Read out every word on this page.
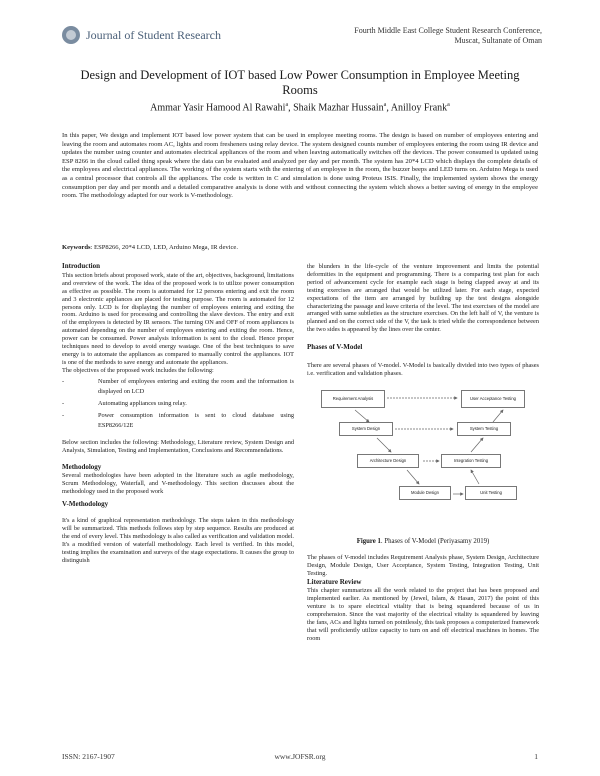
Journal of Student Research	Fourth Middle East College Student Research Conference,
Muscat, Sultanate of Oman
Design and Development of IOT based Low Power Consumption in Employee Meeting Rooms
Ammar Yasir Hamood Al Rawahi$^a$, Shaik Mazhar Hussain$^a$, Anilloy Frank$^a$
In this paper, We design and implement IOT based low power system that can be used in employee meeting rooms. The design is based on number of employees entering and leaving the room and automates room AC, lights and room fresheners using relay device. The system designed counts number of employees entering the room using IR device and updates the number using counter and automates electrical appliances of the room and when leaving automatically switches off the devices. The power consumed is updated using ESP 8266 in the cloud called thing speak where the data can be evaluated and analyzed per day and per month. The system has 20*4 LCD which displays the complete details of the employees and electrical appliances. The working of the system starts with the entering of an employee in the room, the buzzer beeps and LED turns on. Arduino Mega is used as a central processor that controls all the appliances. The code is written in C and simulation is done using Proteus ISIS. Finally, the implemented system shows the energy consumption per day and per month and a detailed comparative analysis is done with and without connecting the system which shows a better saving of energy in the employee room. The methodology adapted for our work is V-methodology.
Keywords: ESP8266, 20*4 LCD, LED, Arduino Mega, IR device.
Introduction

This section briefs about proposed work, state of the art, objectives, background, limitations and overview of the work. The idea of the proposed work is to utilize power consumption as effective as possible. The room is automated for 12 persons entering and exit the room and 3 electronic appliances are placed for testing purpose. The room is automated for 12 persons only. LCD is for displaying the number of employees entering and exiting the room. Arduino is used for processing and controlling the slave devices. The entry and exit of the employees is detected by IR sensors. The turning ON and OFF of room appliances is automated depending on the number of employees entering and exiting the room. Hence, power can be consumed. Power analysis information is sent to the cloud. Hence proper techniques need to develop to avoid energy wastage. One of the best techniques to save energy is to automate the appliances as compared to manually control the appliances. IOT is one of the methods to save energy and automate the appliances.

The objectives of the proposed work includes the following:

- Number of employees entering and exiting the room and the information is displayed on LCD
- Automating appliances using relay.
- Power consumption information is sent to cloud database using ESP8266/12E

Below section includes the following: Methodology, Literature review, System Design and Analysis, Simulation, Testing and Implementation, Conclusions and Recommendations.

Methodology

Several methodologies have been adopted in the literature such as agile methodology, Scrum Methodology, Waterfall, and V-methodology. This section discusses about the methodology used in the proposed work

V-Methodology

It's a kind of graphical representation methodology. The steps taken in this methodology will be summarized. This methods follows step by step sequence. Results are produced at the end of every level. This methodology is also called as verification and validation model. It's a modified version of waterfall methodology. Each level is verified. In this model, testing implies the examination and surveys of the stage expectations. It causes the group to distinguish

the blunders in the life-cycle of the venture improvement and limits the potential deformities in the equipment and programming. There is a comparing test plan for each period of advancement cycle for example each stage is being clapped away at and its testing exercises are arranged that would be utilized later. For each stage, expected expectations of the item are arranged by building up the test designs alongside characterizing the passage and leave criteria of the level. The test exercises of the model are arranged with same subtleties as the structure exercises. On the left half of V, the venture is planned and on the correct side of the V, the task is tried while the correspondence between the two sides is appeared by the lines over the center.

Phases of V-Model

There are several phases of V-model. V-Model is basically divided into two types of phases i.e. verification and validation phases.

Requirement Analysis
System Design
Architecture Design
Module Design	Unit Testing
Integration Testing
System Testing
User Acceptance Testing
Figure 1. Phases of V-Model (Periyasamy 2019)

The phases of V-model includes Requirement Analysis phase, System Design, Architecture Design, Module Design, User Acceptance, System Testing, Integration Testing, Unit Testing.

Literature Review

This chapter summarizes all the work related to the project that has been proposed and implemented earlier. As mentioned by (Jewel, Islam, & Hasan, 2017) the point of this venture is to spare electrical vitality that is being squandered because of us in comprehension. Since the vast majority of the electrical vitality is squandered by leaving the fans, ACs and lights turned on pointlessly, this task proposes a computerized framework that will proficiently utilize capacity to turn on and off electrical machines in homes. The room

ISSN: 2167-1907	www.JOFSR.org	1
